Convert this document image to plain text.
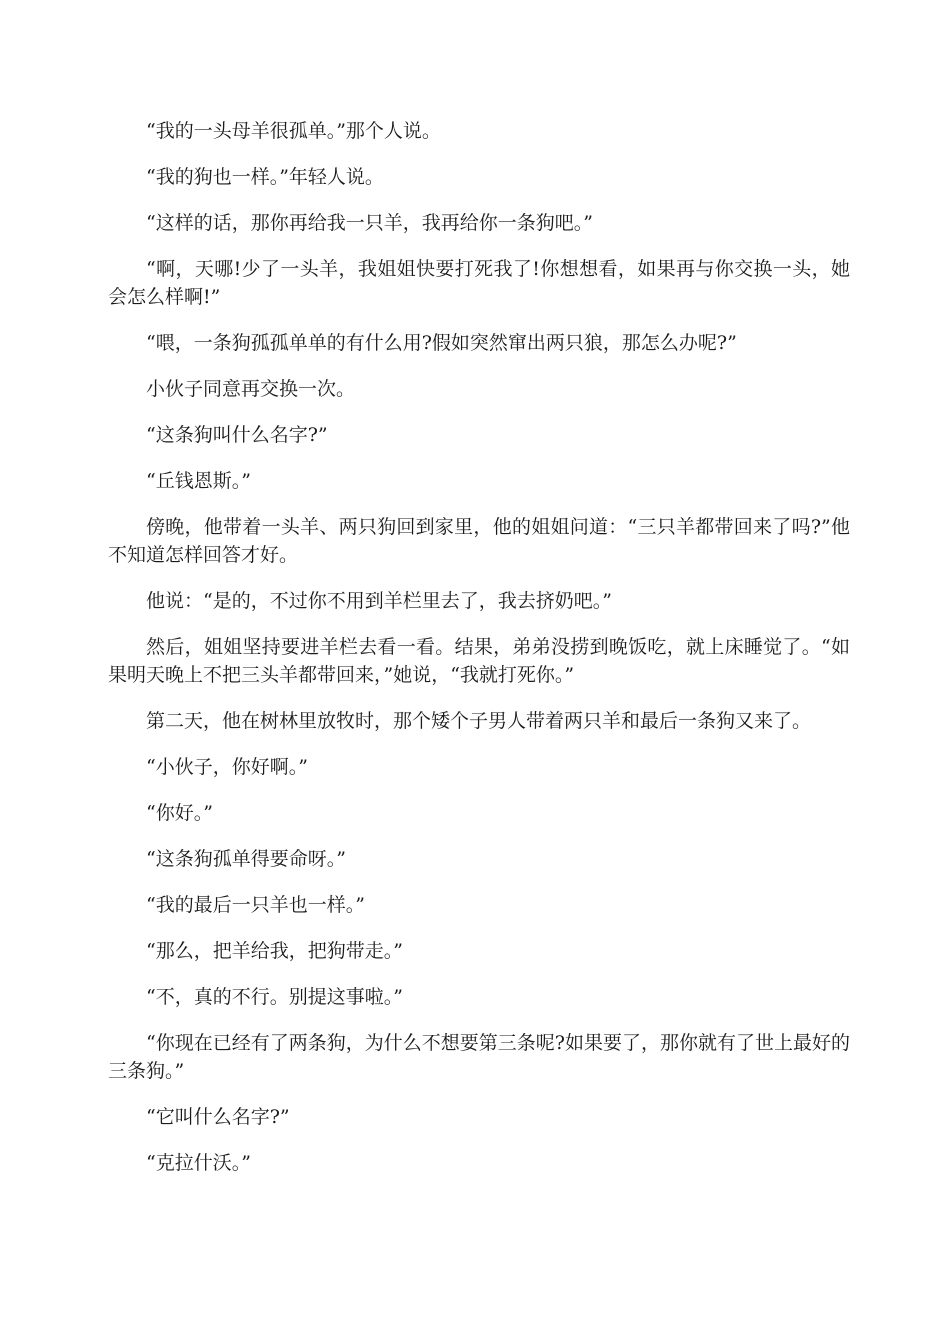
“我的一头母羊很孤单。”那个人说。

“我的狗也一样。”年轻人说。

“这样的话，那你再给我一只羊，我再给你一条狗吧。”

“啊，天哪!少了一头羊，我姐姐快要打死我了!你想想看，如果再与你交换一头，她会怎么样啊!”

“喂，一条狗孤孤单单的有什么用?假如突然窜出两只狼，那怎么办呢?”

小伙子同意再交换一次。

“这条狗叫什么名字?”

“丘钱恩斯。”

傍晚，他带着一头羊、两只狗回到家里，他的姐姐问道：“三只羊都带回来了吗?”他不知道怎样回答才好。

他说：“是的，不过你不用到羊栏里去了，我去挤奶吧。”

然后，姐姐坚持要进羊栏去看一看。结果，弟弟没捞到晚饭吃，就上床睡觉了。“如果明天晚上不把三头羊都带回来，”她说，“我就打死你。”

第二天，他在树林里放牧时，那个矮个子男人带着两只羊和最后一条狗又来了。

“小伙子，你好啊。”

“你好。”

“这条狗孤单得要命呀。”

“我的最后一只羊也一样。”

“那么，把羊给我，把狗带走。”

“不，真的不行。别提这事啦。”

“你现在已经有了两条狗，为什么不想要第三条呢?如果要了，那你就有了世上最好的三条狗。”

“它叫什么名字?”

“克拉什沃。”
